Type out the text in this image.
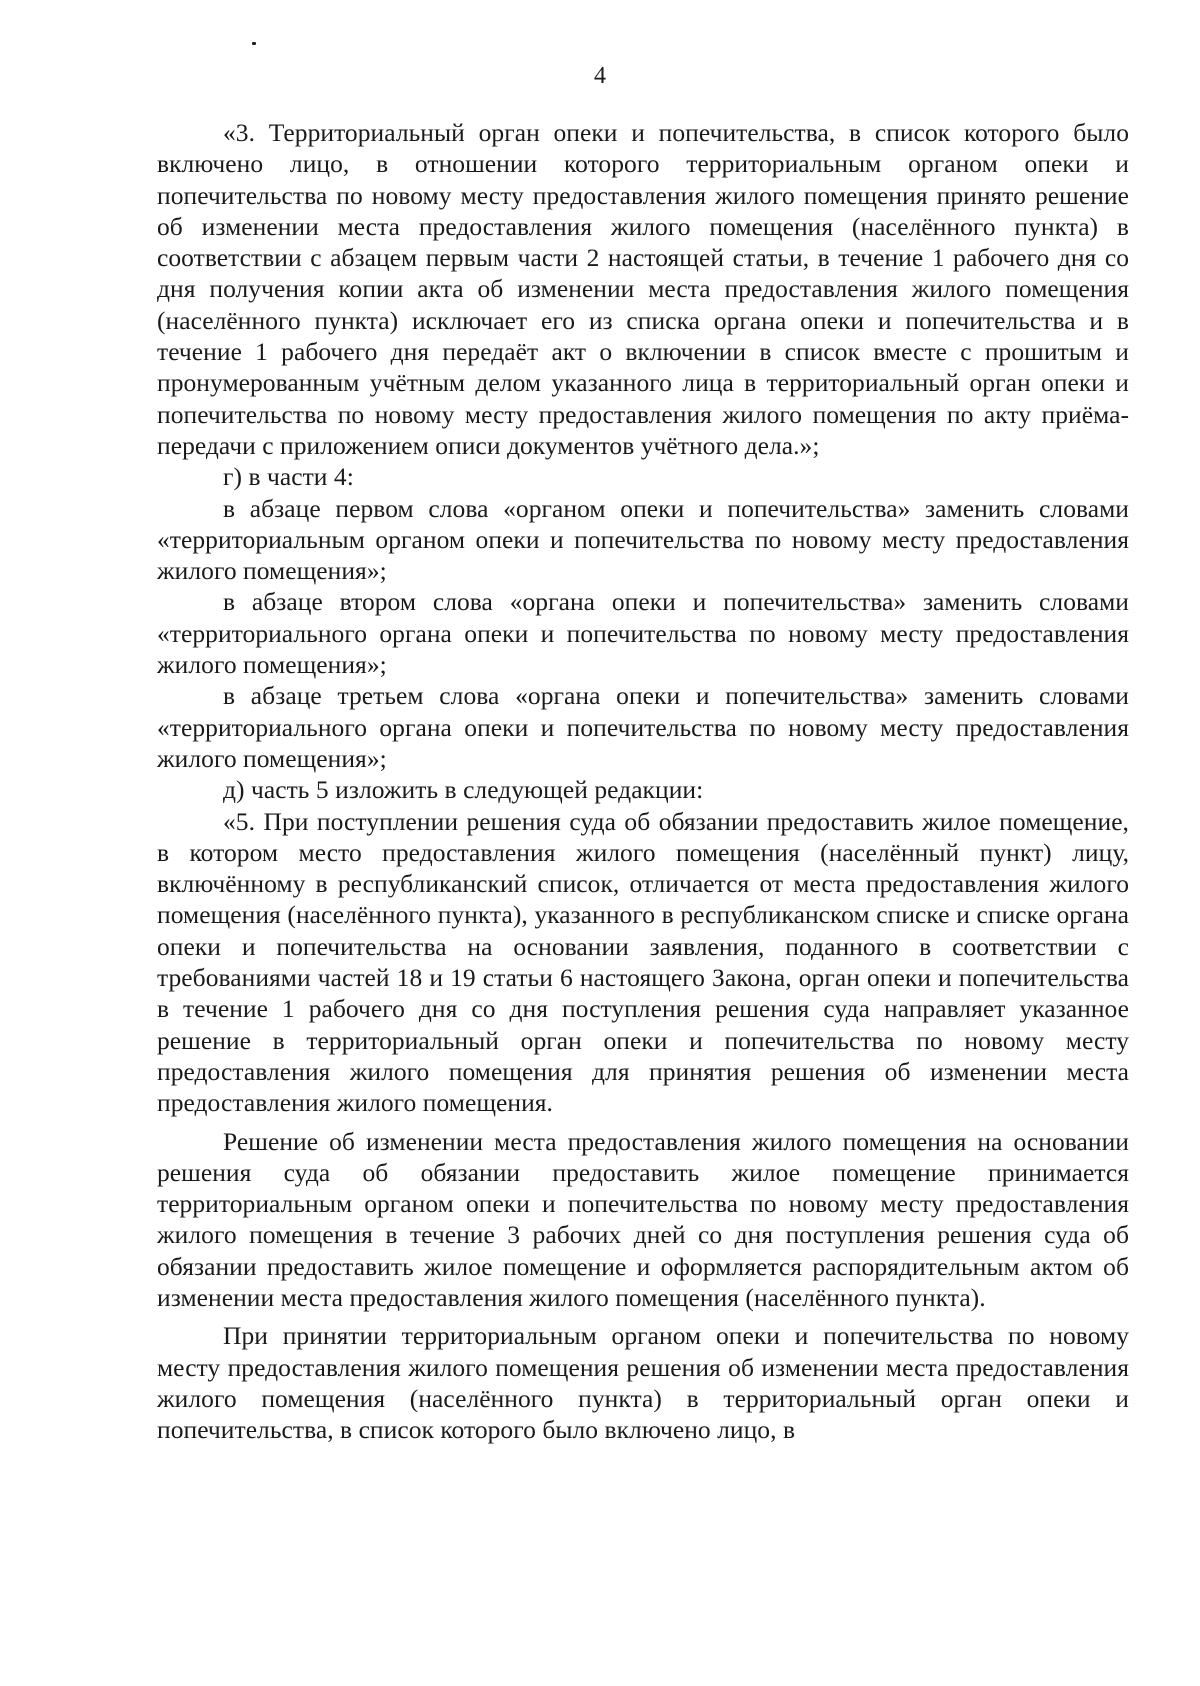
4

«3. Территориальный орган опеки и попечительства, в список которого было включено лицо, в отношении которого территориальным органом опеки и попечительства по новому месту предоставления жилого помещения принято решение об изменении места предоставления жилого помещения (населённого пункта) в соответствии с абзацем первым части 2 настоящей статьи, в течение 1 рабочего дня со дня получения копии акта об изменении места предоставления жилого помещения (населённого пункта) исключает его из списка органа опеки и попечительства и в течение 1 рабочего дня передаёт акт о включении в список вместе с прошитым и пронумерованным учётным делом указанного лица в территориальный орган опеки и попечительства по новому месту предоставления жилого помещения по акту приёма-передачи с приложением описи документов учётного дела.»;

г) в части 4:

в абзаце первом слова «органом опеки и попечительства» заменить словами «территориальным органом опеки и попечительства по новому месту предоставления жилого помещения»;

в абзаце втором слова «органа опеки и попечительства» заменить словами «территориального органа опеки и попечительства по новому месту предоставления жилого помещения»;

в абзаце третьем слова «органа опеки и попечительства» заменить словами «территориального органа опеки и попечительства по новому месту предоставления жилого помещения»;

д) часть 5 изложить в следующей редакции:

«5. При поступлении решения суда об обязании предоставить жилое помещение, в котором место предоставления жилого помещения (населённый пункт) лицу, включённому в республиканский список, отличается от места предоставления жилого помещения (населённого пункта), указанного в республиканском списке и списке органа опеки и попечительства на основании заявления, поданного в соответствии с требованиями частей 18 и 19 статьи 6 настоящего Закона, орган опеки и попечительства в течение 1 рабочего дня со дня поступления решения суда направляет указанное решение в территориальный орган опеки и попечительства по новому месту предоставления жилого помещения для принятия решения об изменении места предоставления жилого помещения.

Решение об изменении места предоставления жилого помещения на основании решения суда об обязании предоставить жилое помещение принимается территориальным органом опеки и попечительства по новому месту предоставления жилого помещения в течение 3 рабочих дней со дня поступления решения суда об обязании предоставить жилое помещение и оформляется распорядительным актом об изменении места предоставления жилого помещения (населённого пункта).

При принятии территориальным органом опеки и попечительства по новому месту предоставления жилого помещения решения об изменении места предоставления жилого помещения (населённого пункта) в территориальный орган опеки и попечительства, в список которого было включено лицо, в
